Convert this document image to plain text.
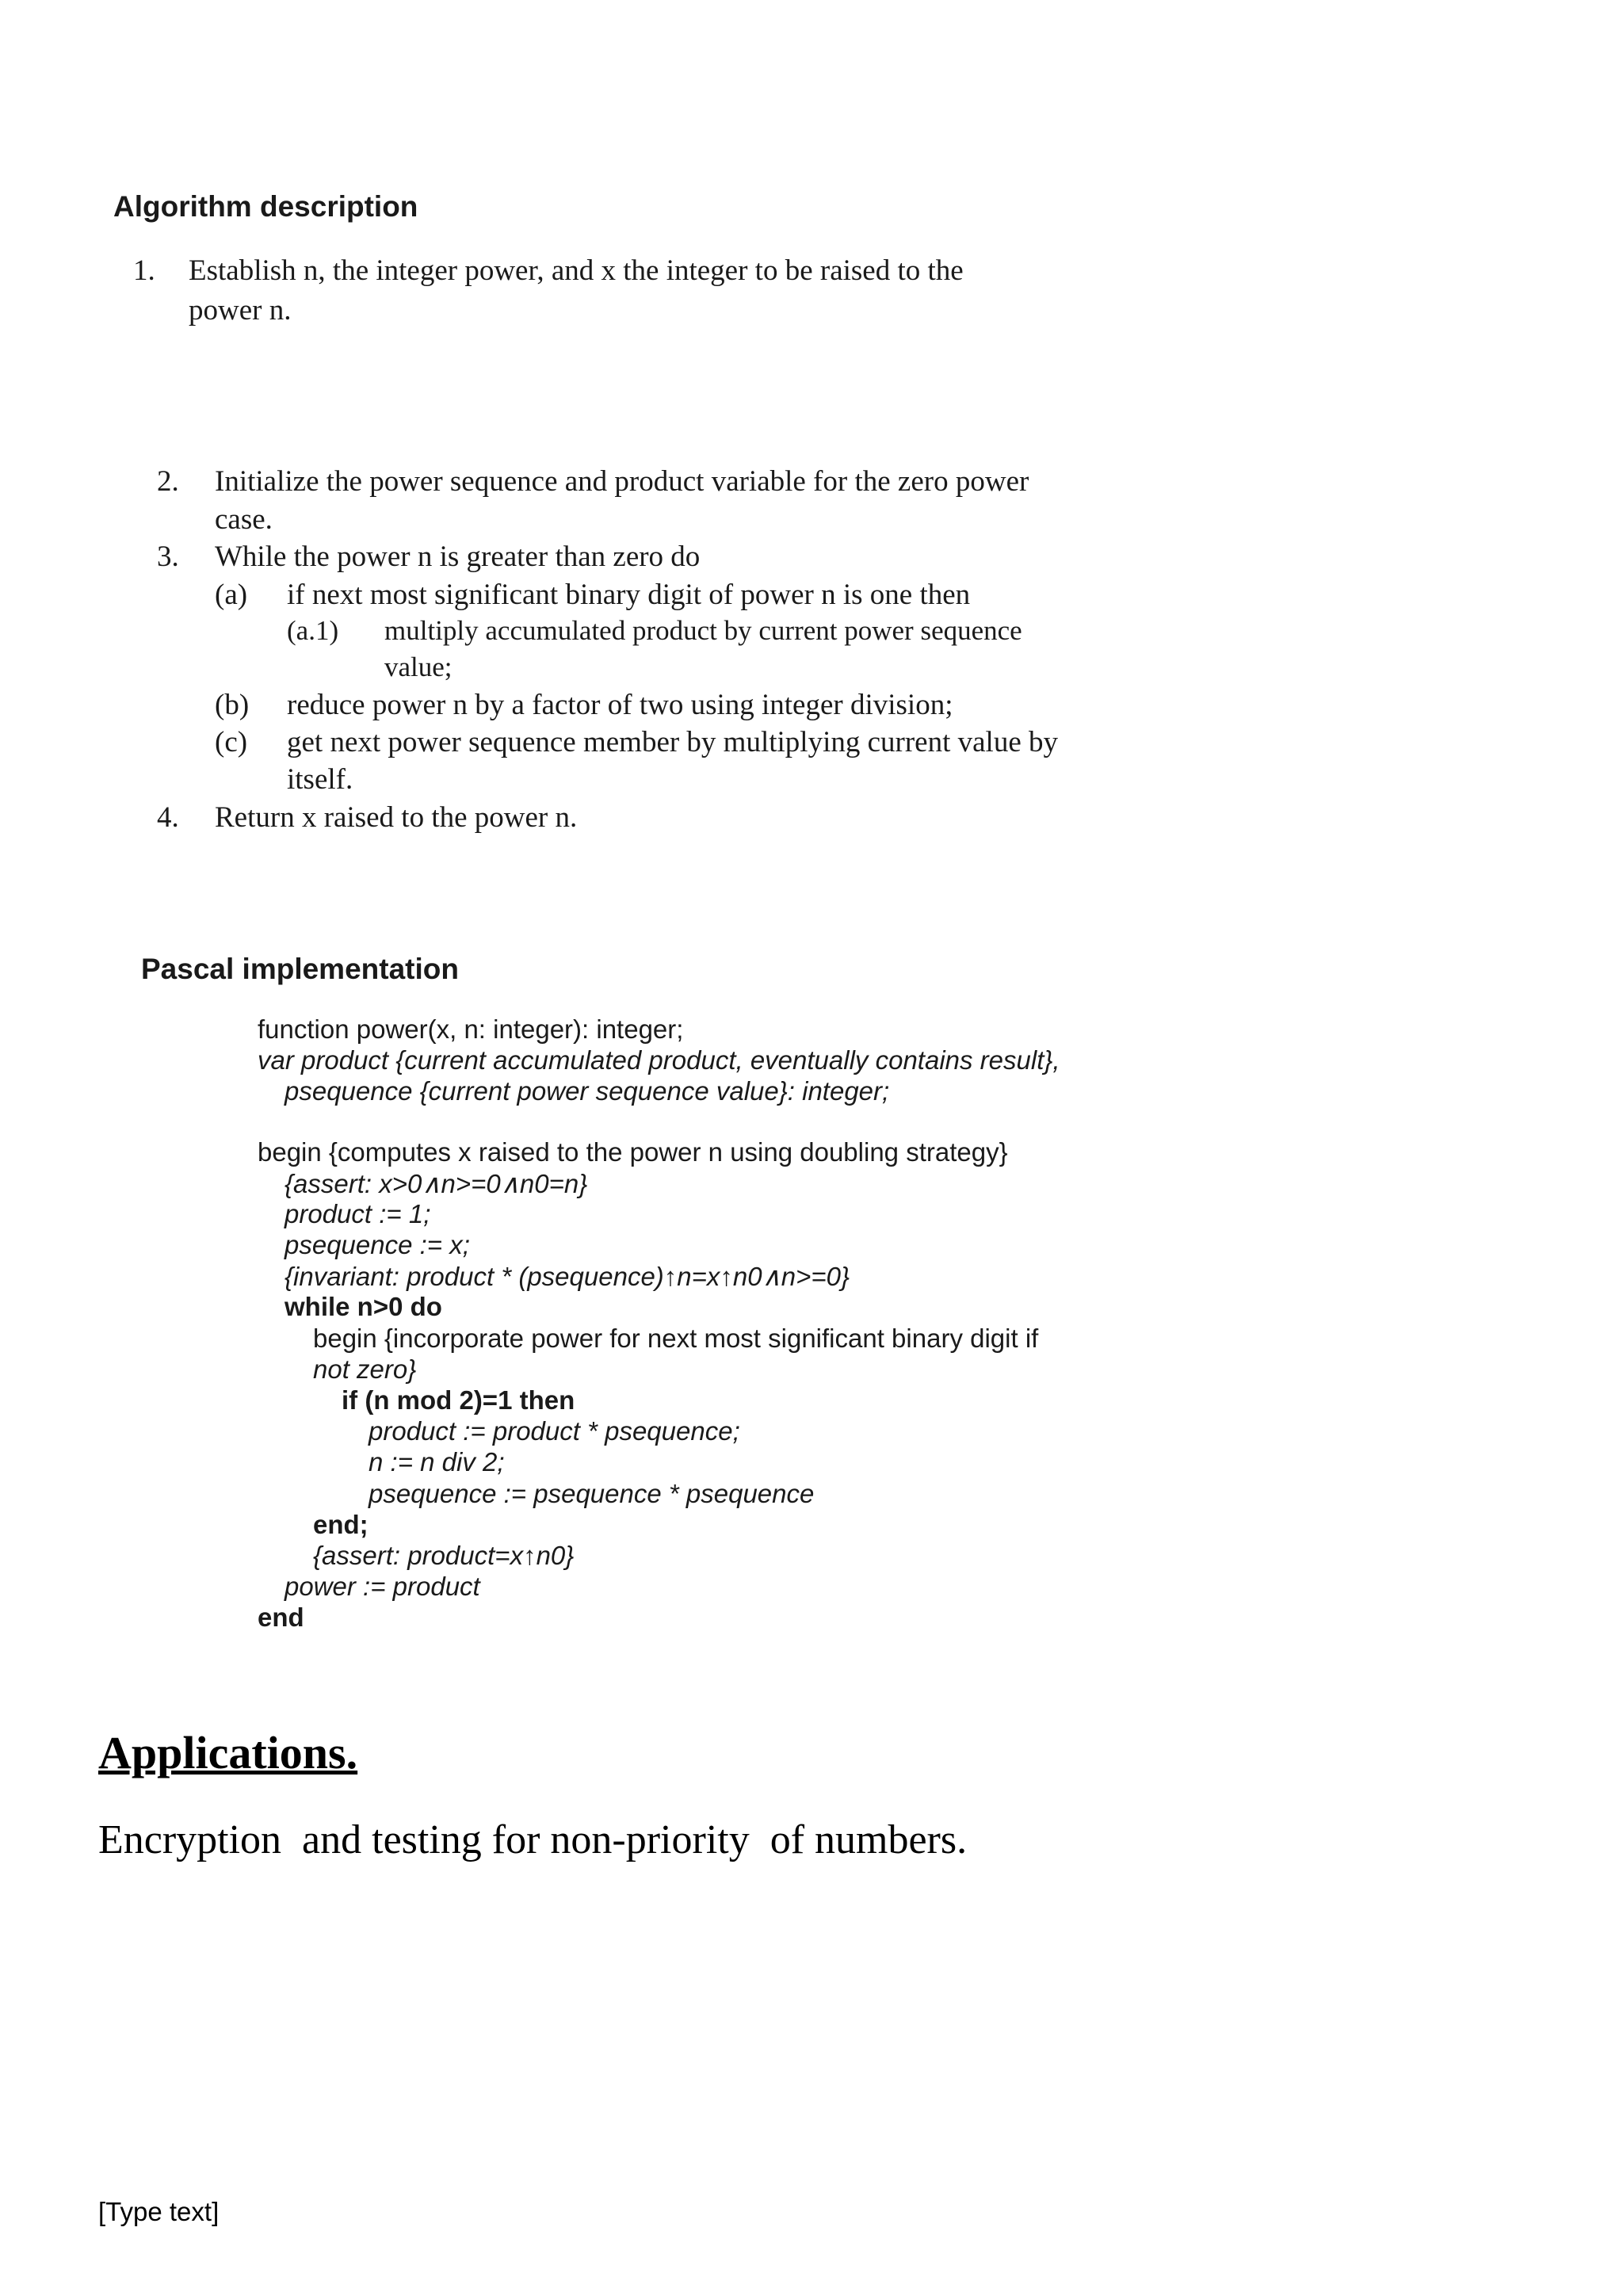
Algorithm description
1. Establish n, the integer power, and x the integer to be raised to the
power n.
2. Initialize the power sequence and product variable for the zero power
case.
3. While the power n is greater than zero do
(a) if next most significant binary digit of power n is one then
(a.1) multiply accumulated product by current power sequence
value;
(b) reduce power n by a factor of two using integer division;
(c) get next power sequence member by multiplying current value by
itself.
4. Return x raised to the power n.
Pascal implementation
function power(x, n: integer): integer;
var product {current accumulated product, eventually contains result},
psequence {current power sequence value}: integer;
begin {computes x raised to the power n using doubling strategy}
{assert: x>0∧n>=0∧n0=n}
product := 1;
psequence := x;
{invariant: product * (psequence)↑n=x↑n0∧n>=0}
while n>0 do
begin {incorporate power for next most significant binary digit if
not zero}
if (n mod 2)=1 then
product := product * psequence;
n := n div 2;
psequence := psequence * psequence
end;
{assert: product=x↑n0}
power := product
end
Applications.
Encryption  and testing for non-priority  of numbers.
[Type text]
